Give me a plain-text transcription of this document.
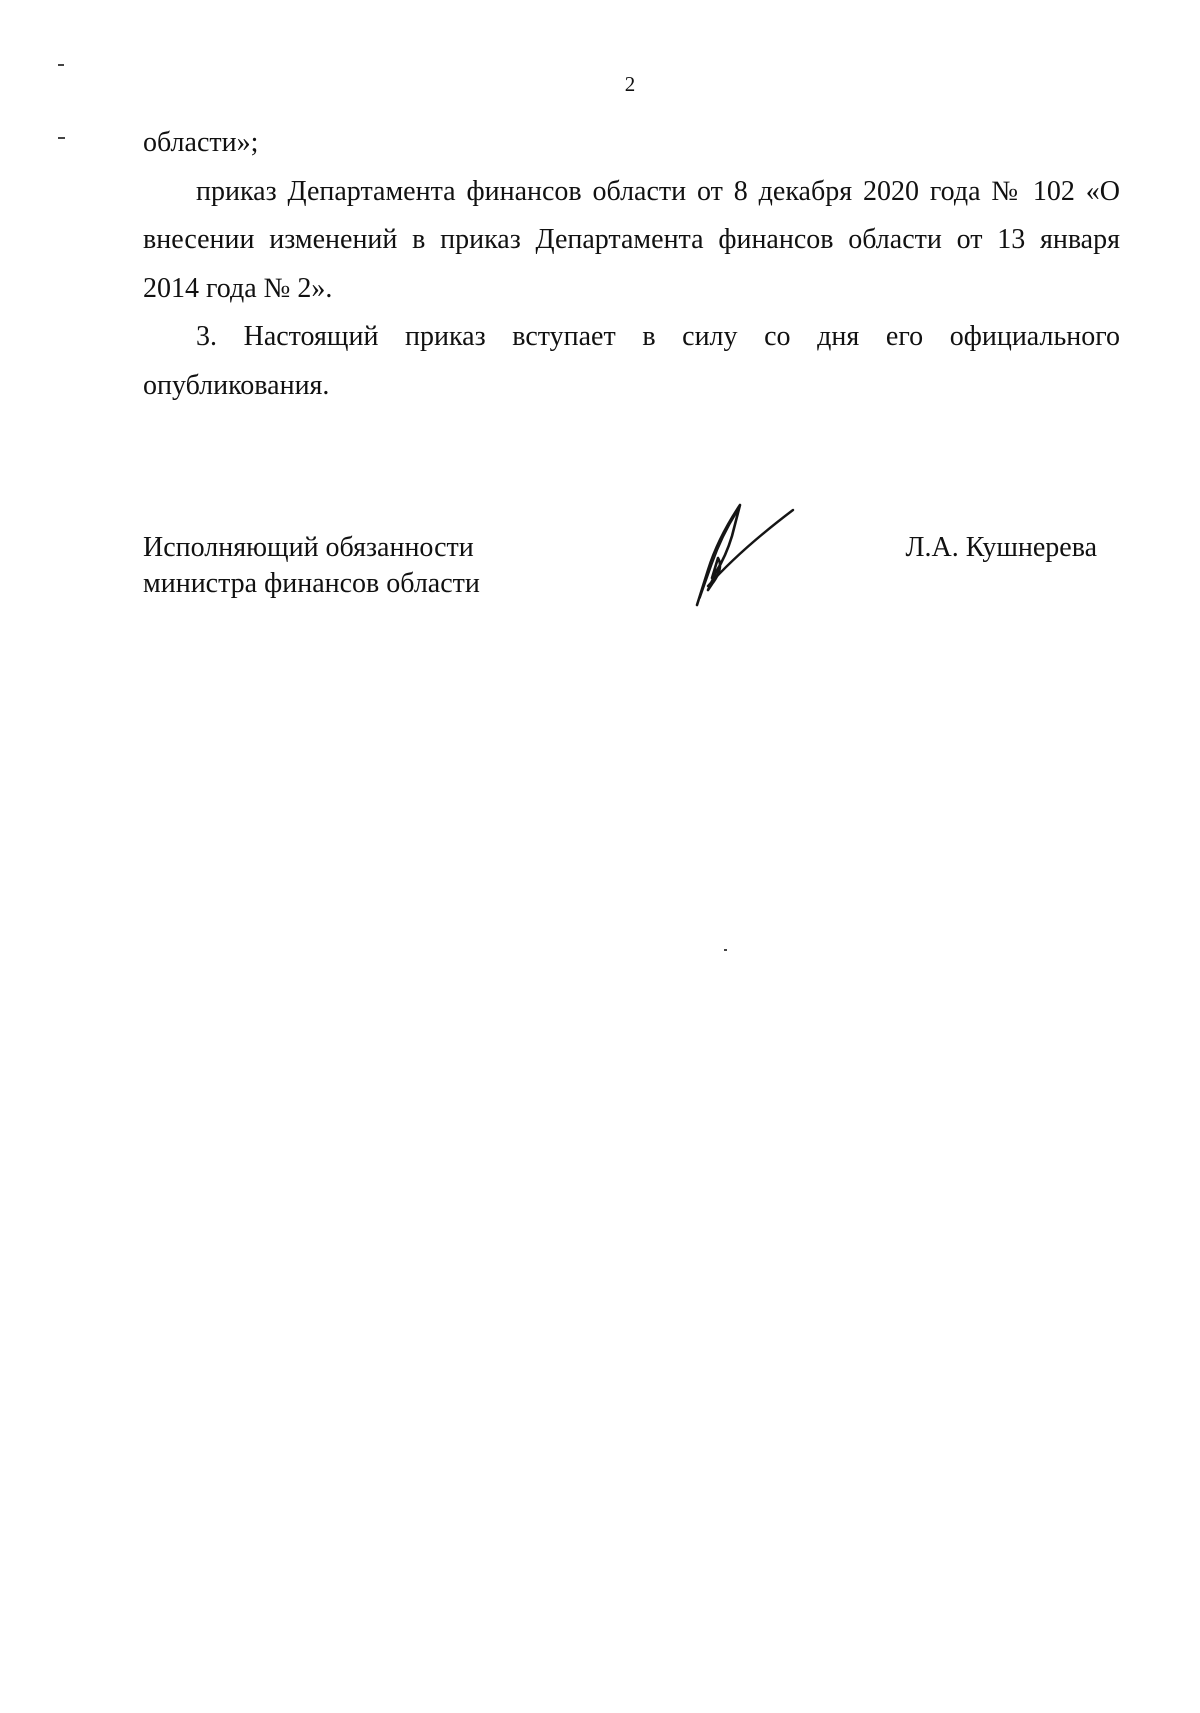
2
области»;
приказ Департамента финансов области от 8 декабря 2020 года № 102 «О
внесении изменений в приказ Департамента финансов области от 13 января
2014 года № 2».
3. Настоящий приказ вступает в силу со дня его официального
опубликования.
Исполняющий обязанности
министра финансов области
Л.А. Кушнерева
